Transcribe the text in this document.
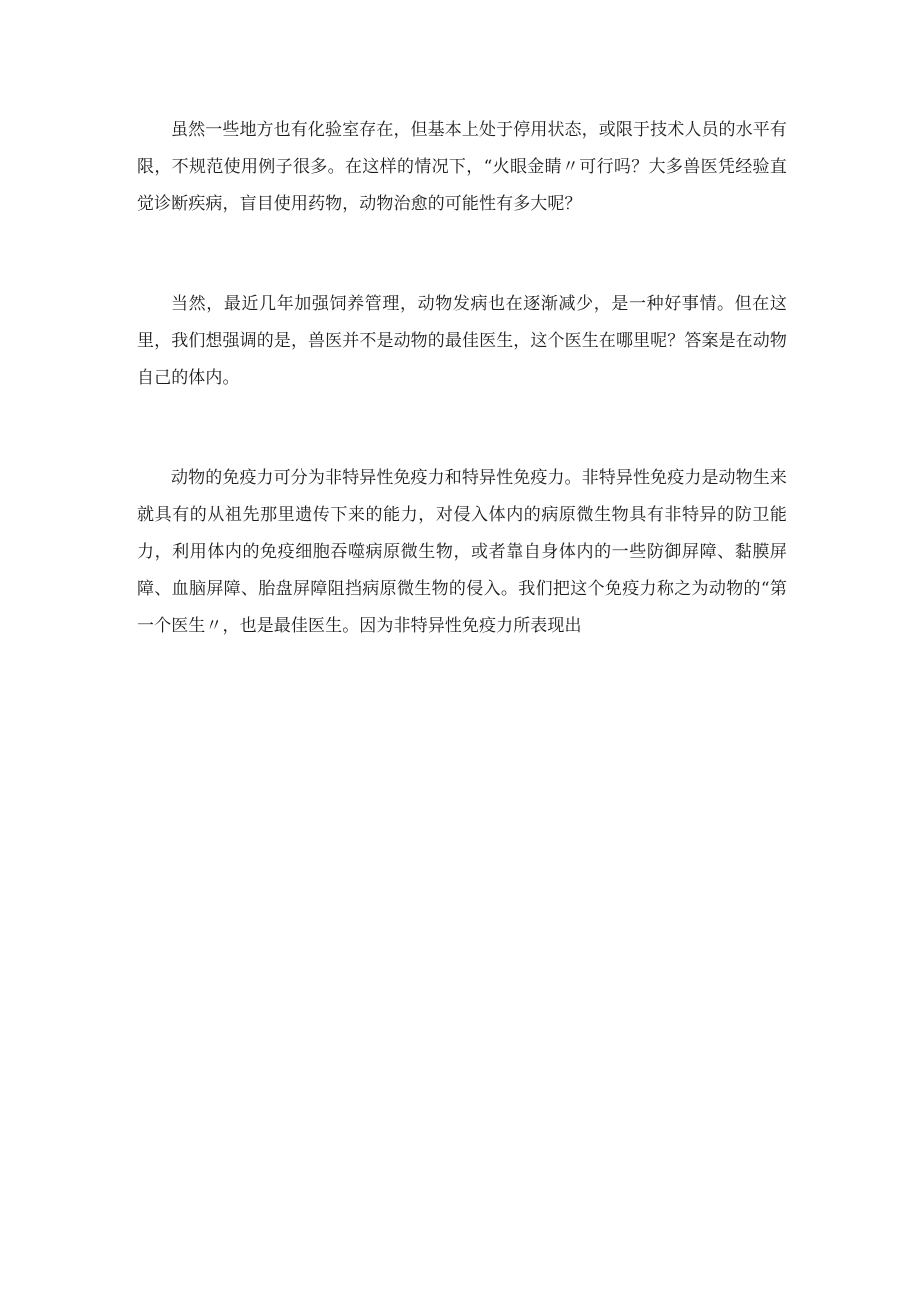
虽然一些地方也有化验室存在，但基本上处于停用状态，或限于技术人员的水平有限，不规范使用例子很多。在这样的情况下，“火眼金睛〃可行吗？大多兽医凭经验直觉诊断疾病，盲目使用药物，动物治愈的可能性有多大呢？

当然，最近几年加强饲养管理，动物发病也在逐渐减少，是一种好事情。但在这里，我们想强调的是，兽医并不是动物的最佳医生，这个医生在哪里呢？答案是在动物自己的体内。

动物的免疫力可分为非特异性免疫力和特异性免疫力。非特异性免疫力是动物生来就具有的从祖先那里遗传下来的能力，对侵入体内的病原微生物具有非特异的防卫能力，利用体内的免疫细胞吞噬病原微生物，或者靠自身体内的一些防御屏障、黏膜屏障、血脑屏障、胎盘屏障阻挡病原微生物的侵入。我们把这个免疫力称之为动物的“第一个医生〃，也是最佳医生。因为非特异性免疫力所表现出
